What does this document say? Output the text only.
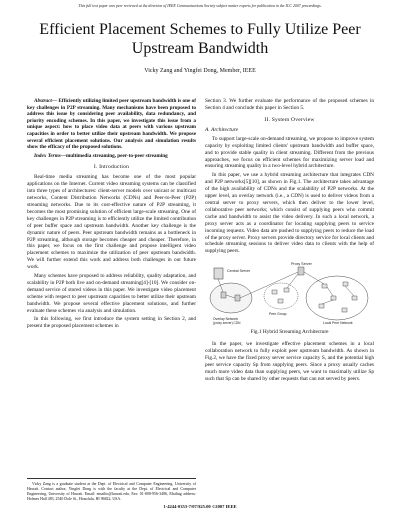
This full text paper was peer reviewed at the direction of IEEE Communications Society subject matter experts for publication in the ICC 2007 proceedings.
Efficient Placement Schemes to Fully Utilize Peer Upstream Bandwidth
Vicky Zang and Yingfei Dong, Member, IEEE

Abstract— Efficiently utilizing limited peer upstream bandwidth is one of key challenges in P2P streaming. Many mechanisms have been proposed to address this issue by considering peer availability, data redundancy, and priority encoding schemes. In this paper, we investigate this issue from a unique aspect: how to place video data at peers with various upstream capacities in order to better utilize their upstream bandwidth. We propose several efficient placement solutions. Our analysis and simulation results show the efficacy of the proposed solutions.

Index Terms—multimedia streaming, peer-to-peer streaming

I. Introduction

Real-time media streaming has become one of the most popular applications on the Internet. Current video streaming systems can be classified into three types of architectures: client-server models over unicast or multicast networks, Content Distribution Networks (CDNs) and Peer-to-Peer (P2P) streaming networks. Due to its cost-effective nature of P2P streaming, it becomes the most promising solution of efficient large-scale streaming. One of key challenges in P2P streaming is to efficiently utilize the limited contribution of peer buffer space and upstream bandwidth. Another key challenge is the dynamic nature of peers. Peer upstream bandwidth remains as a bottleneck in P2P streaming, although storage becomes cheaper and cheaper. Therefore, in this paper, we focus on the first challenge and propose intelligent video placement schemes to maximize the utilization of peer upstream bandwidth. We will further extend this work and address both challenges in our future work.

Many schemes have proposed to address reliability, quality adaptation, and scalability in P2P both live and on-demand streaming[4]-[10]. We consider on-demand service of stored videos in this paper. We investigate video placement scheme with respect to peer upstream capacities to better utilize their upstream bandwidth. We propose several effective placement solutions, and further evaluate these schemes via analysis and simulation.

In this following, we first introduce the system setting in Section 2, and present the proposed placement schemes in

Vicky Zang is a graduate student at the Dept. of Electrical and Computer Engineering, University of Hawaii. Contact author, Yingfei Dong is with the faculty at the Dept. of Electrical and Computer Engineering, University of Hawaii. Email: emailto@hawaii.edu, Fax: 01-808-956-3486, Mailing address: Holmes Hall 483, 2540 Dole St., Honolulu, HI 96822, USA.

Section 3. We further evaluate the performance of the proposed schemes in Section 4 and conclude this paper in Section 5.

II. System Overview
A. Architecture

To support large-scale on-demand streaming, we propose to improve system capacity by exploiting limited clients' upstream bandwidth and buffer space, and to provide stable quality in client streaming. Different from the previous approaches, we focus on efficient schemes for maximizing server load and ensuring streaming quality in a two-level hybrid architecture.

In this paper, we use a hybrid streaming architecture that integrates CDN and P2P networks[5][10], as shown in Fig.1. The architecture takes advantage of the high availability of CDNs and the scalability of P2P networks. At the upper level, an overlay network (i.e., a CDN) is used to deliver videos from a central server to proxy servers, which then deliver to the lower level, collaborative peer networks; which consist of supplying peers who commit cache and bandwidth to assist the video delivery. In such a local network, a proxy server acts as a coordinator for locating supplying peers to service incoming requests. Video data are pushed to supplying peers to reduce the load of the proxy server. Proxy servers provide directory service for local clients and schedule streaming sessions to deliver video data to clients with the help of supplying peers.

Central Server
Overlay Network
(proxy server) CDN
Proxy Server
Peer Group
Local Peer Network
Fig.1 Hybrid Streaming Architecture

In the paper, we investigate effective placement schemes in a local collaboration network to fully exploit peer upstream bandwidth. As shown in Fig.2, we have the fixed proxy server service capacity S, and the potential high peer service capacity Sp from supplying peers. Since a proxy usually caches much more video data than supplying peers, we want to maximally utilize Sp such that Sp can be shared by other requests that can not served by peers.

1-4244-0353-7/07/$25.00 ©2007 IEEE
